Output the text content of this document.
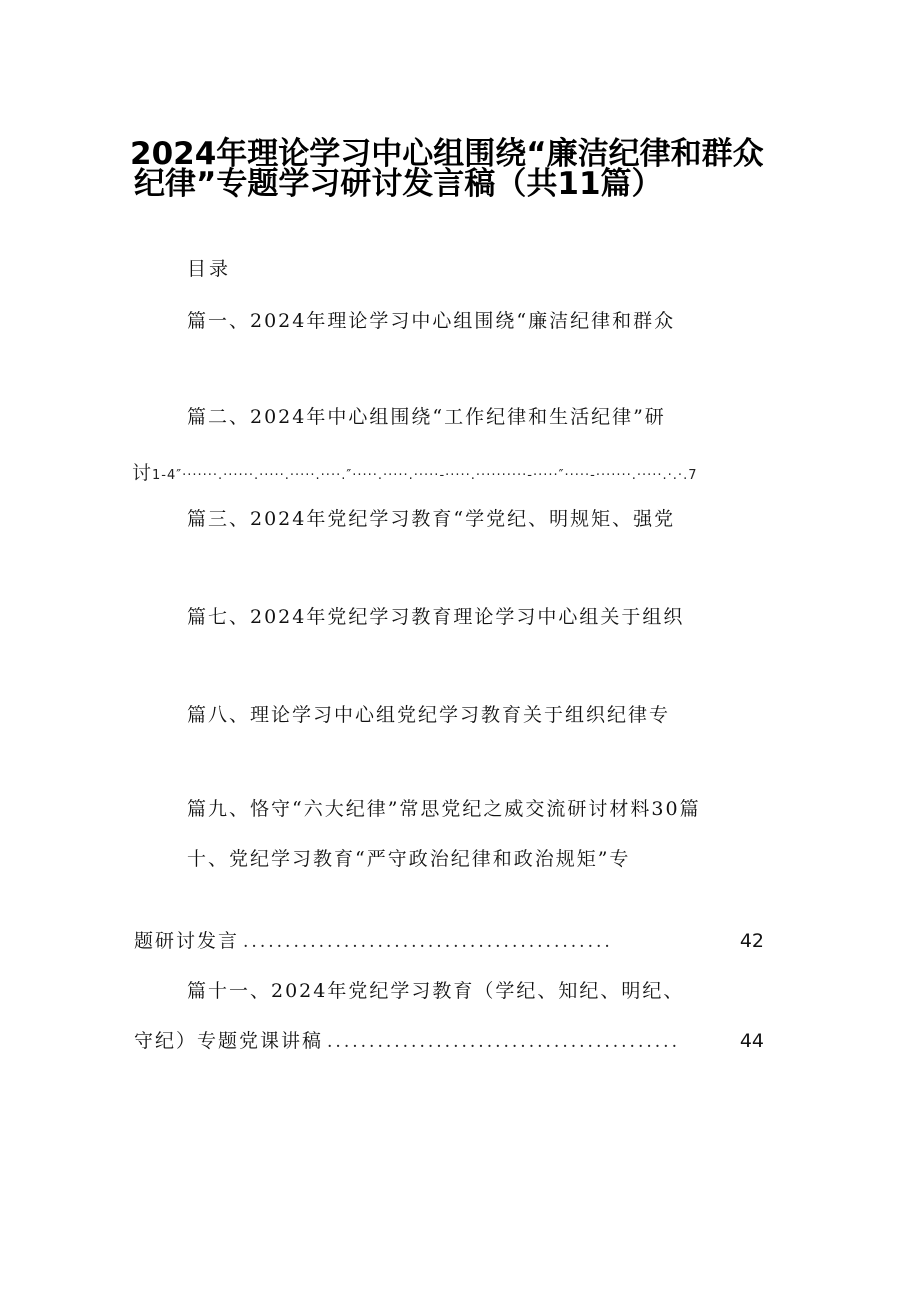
2024年理论学习中心组围绕“廉洁纪律和群众
纪律”专题学习研讨发言稿（共11篇）
目录
篇一、2024年理论学习中心组围绕“廉洁纪律和群众
篇二、2024年中心组围绕“工作纪律和生活纪律”研
讨1-4″·······.······.·····.·····.····.″·····.·····.·····-·····.··········-·····″·····-·······.·····.·.·.7
篇三、2024年党纪学习教育“学党纪、明规矩、强党
篇七、2024年党纪学习教育理论学习中心组关于组织
篇八、理论学习中心组党纪学习教育关于组织纪律专
篇九、恪守“六大纪律”常思党纪之威交流研讨材料30篇
十、党纪学习教育“严守政治纪律和政治规矩”专
题研讨发言 ............................................	42
篇十一、2024年党纪学习教育（学纪、知纪、明纪、
守纪）专题党课讲稿 ..........................................	44
